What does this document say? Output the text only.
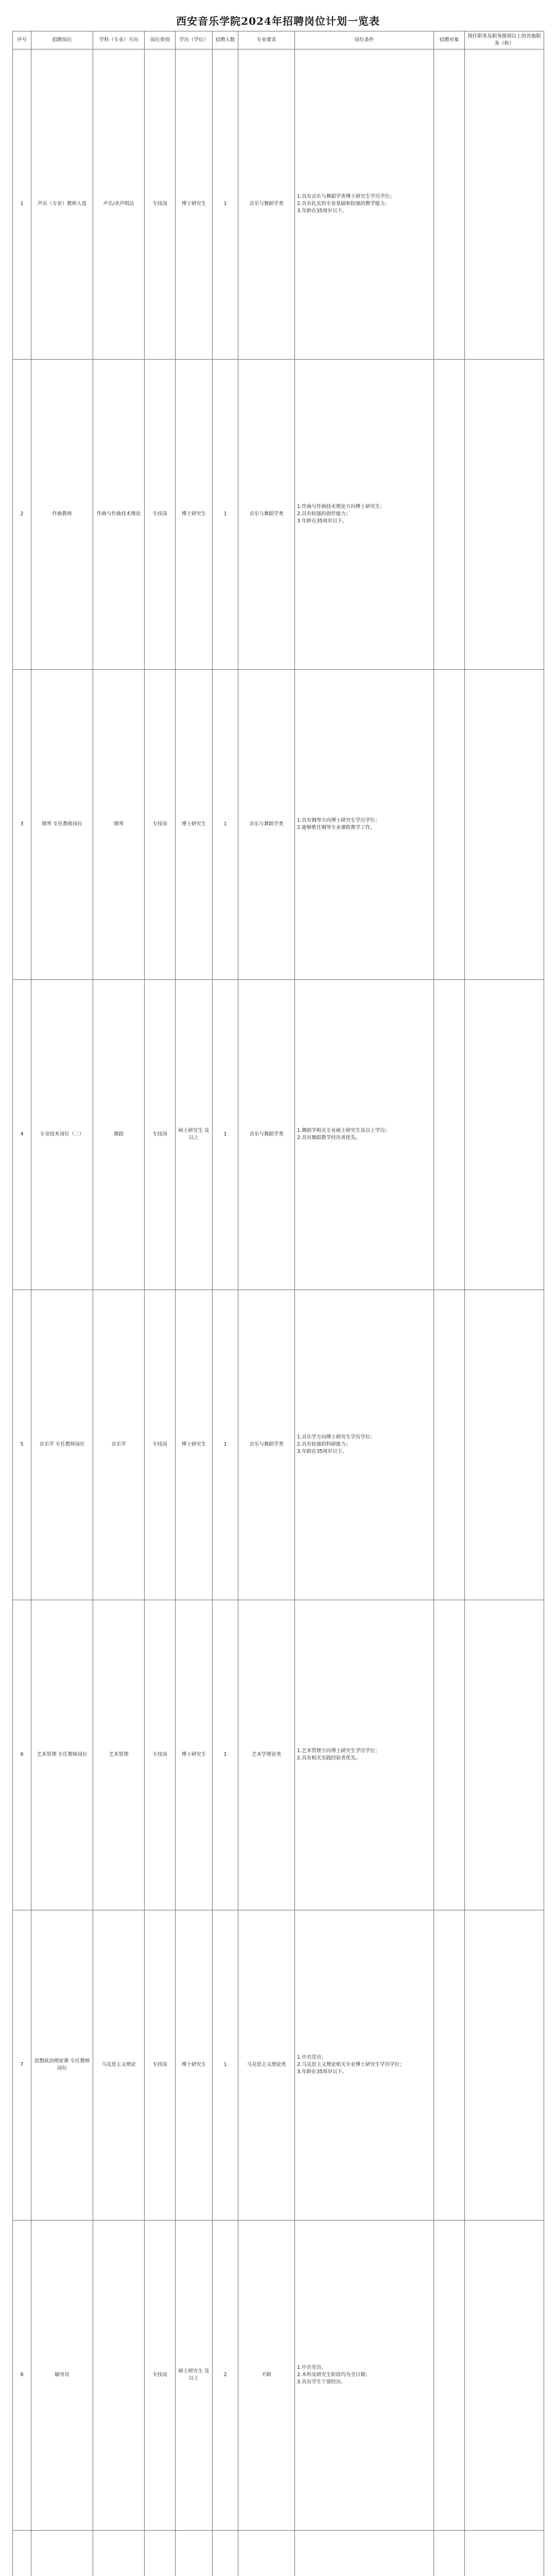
西安音乐学院2024年招聘岗位计划一览表
序号	招聘岗位	学科（专业）方向	岗位类别	学历（学位）	招聘人数	专业要求	岗位条件	招聘对象	现任职务及职务级别以上的其他职务（称）
1	声乐（专业）教师人选	声乐/美声唱法	专技岗	博士研究生	1	音乐与舞蹈学类	1.具有音乐与舞蹈学类博士研究生学历学位；
2.具有扎实的专业基础和较强的教学能力；
3.年龄在35周岁以下。		
2	作曲教师	作曲与作曲技术理论	专技岗	博士研究生	1	音乐与舞蹈学类	1.作曲与作曲技术理论方向博士研究生；
2.具有较强的创作能力；
3.年龄在35周岁以下。		
3	钢琴 专任教师岗位	钢琴	专技岗	博士研究生	1	音乐与舞蹈学类	1.具有钢琴方向博士研究生学历学位；
2.能够胜任钢琴专业课程教学工作。		
4	专业技术岗位（二）	舞蹈	专技岗	硕士研究生 及以上	1	音乐与舞蹈学类	1.舞蹈学相关专业硕士研究生及以上学历；
2.具有舞蹈教学经历者优先。		
5	音乐学 专任教师岗位	音乐学	专技岗	博士研究生	1	音乐与舞蹈学类	1.音乐学方向博士研究生学历学位；
2.具有较强的科研能力；
3.年龄在35周岁以下。		
6	艺术管理 专任教师岗位	艺术管理	专技岗	博士研究生	1	艺术学理论类	1.艺术管理方向博士研究生学历学位；
2.具有相关实践经验者优先。		
7	思想政治理论课 专任教师岗位	马克思主义理论	专技岗	博士研究生	1	马克思主义理论类	1.中共党员；
2.马克思主义理论相关专业博士研究生学历学位；
3.年龄在35周岁以下。		
8	辅导员		专技岗	硕士研究生 及以上	2	不限	1.中共党员；
2.本科及研究生阶段均为全日制；
3.具有学生干部经历。		
